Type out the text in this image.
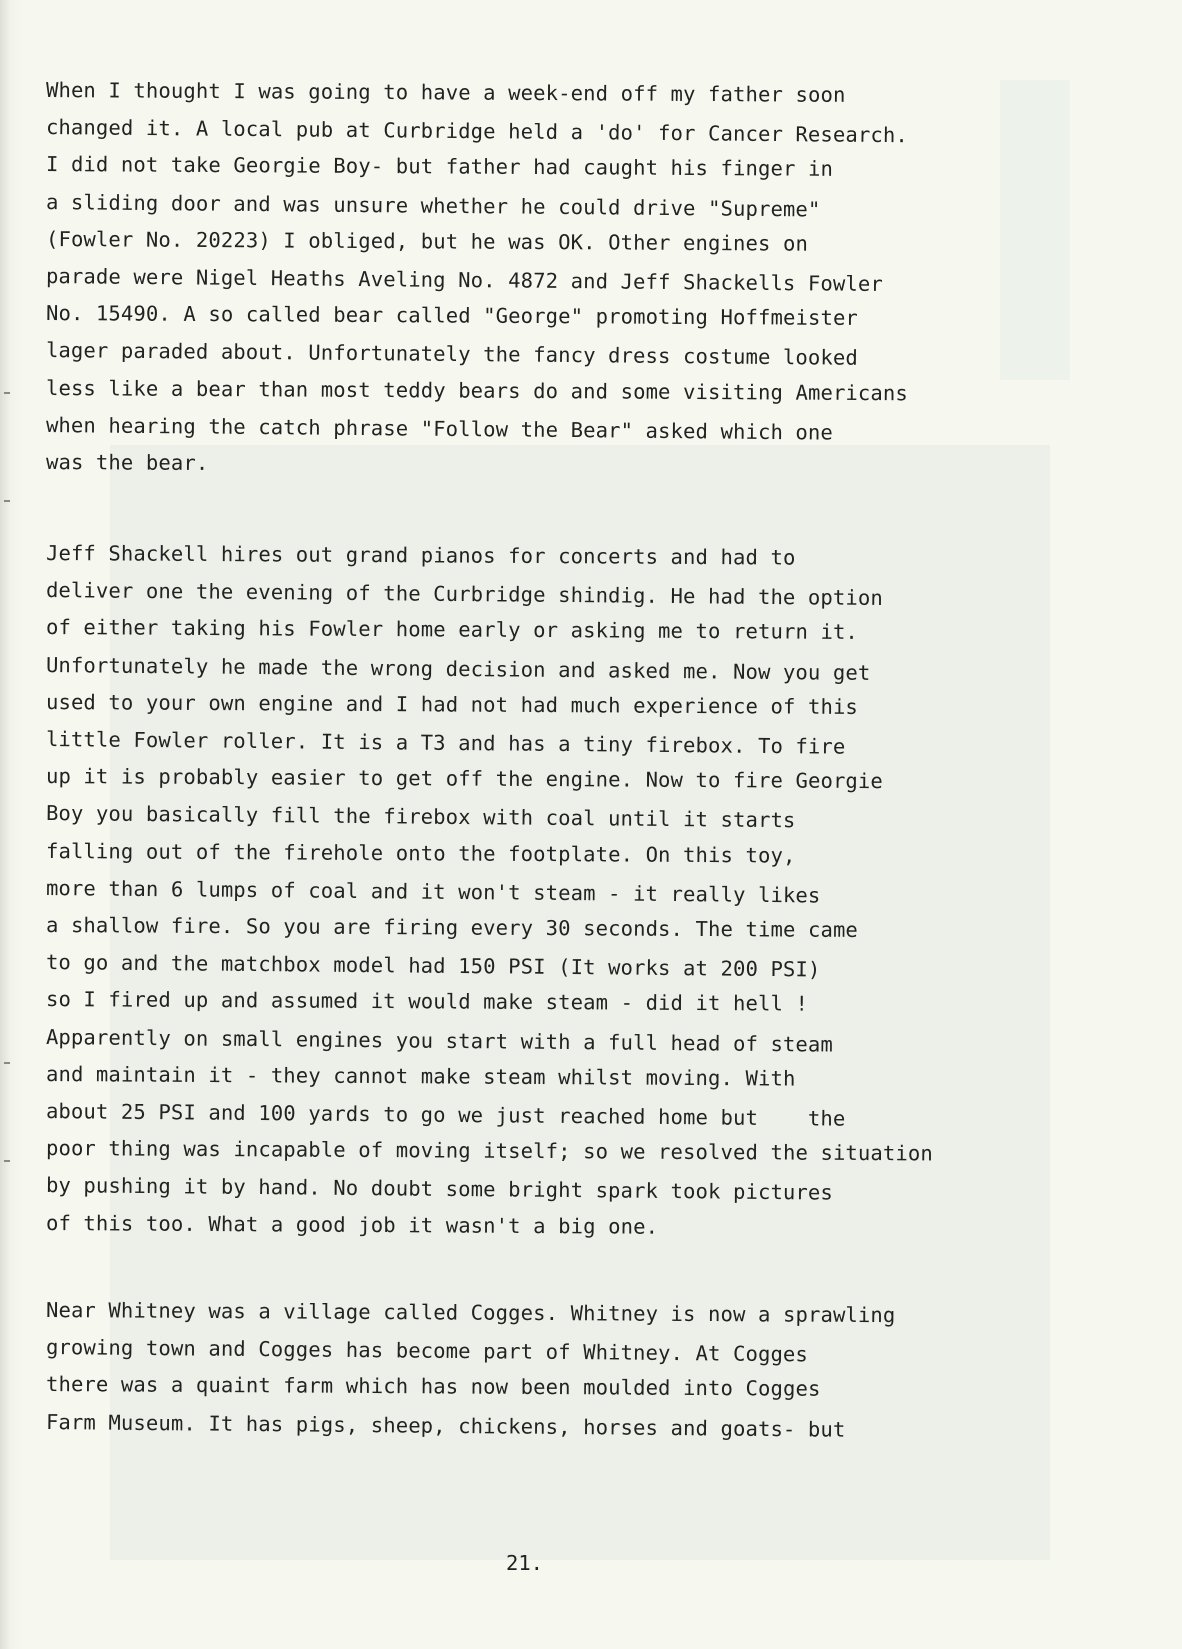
When I thought I was going to have a week-end off my father soon
changed it. A local pub at Curbridge held a 'do' for Cancer Research.
I did not take Georgie Boy- but father had caught his finger in
a sliding door and was unsure whether he could drive "Supreme"
(Fowler No. 20223) I obliged, but he was OK. Other engines on
parade were Nigel Heaths Aveling No. 4872 and Jeff Shackells Fowler
No. 15490. A so called bear called "George" promoting Hoffmeister
lager paraded about. Unfortunately the fancy dress costume looked
less like a bear than most teddy bears do and some visiting Americans
when hearing the catch phrase "Follow the Bear" asked which one
was the bear.
Jeff Shackell hires out grand pianos for concerts and had to
deliver one the evening of the Curbridge shindig. He had the option
of either taking his Fowler home early or asking me to return it.
Unfortunately he made the wrong decision and asked me. Now you get
used to your own engine and I had not had much experience of this
little Fowler roller. It is a T3 and has a tiny firebox. To fire
up it is probably easier to get off the engine. Now to fire Georgie
Boy you basically fill the firebox with coal until it starts
falling out of the firehole onto the footplate. On this toy,
more than 6 lumps of coal and it won't steam - it really likes
a shallow fire. So you are firing every 30 seconds. The time came
to go and the matchbox model had 150 PSI (It works at 200 PSI)
so I fired up and assumed it would make steam - did it hell !
Apparently on small engines you start with a full head of steam
and maintain it - they cannot make steam whilst moving. With
about 25 PSI and 100 yards to go we just reached home but    the
poor thing was incapable of moving itself; so we resolved the situation
by pushing it by hand. No doubt some bright spark took pictures
of this too. What a good job it wasn't a big one.
Near Whitney was a village called Cogges. Whitney is now a sprawling
growing town and Cogges has become part of Whitney. At Cogges
there was a quaint farm which has now been moulded into Cogges
Farm Museum. It has pigs, sheep, chickens, horses and goats- but
21.
